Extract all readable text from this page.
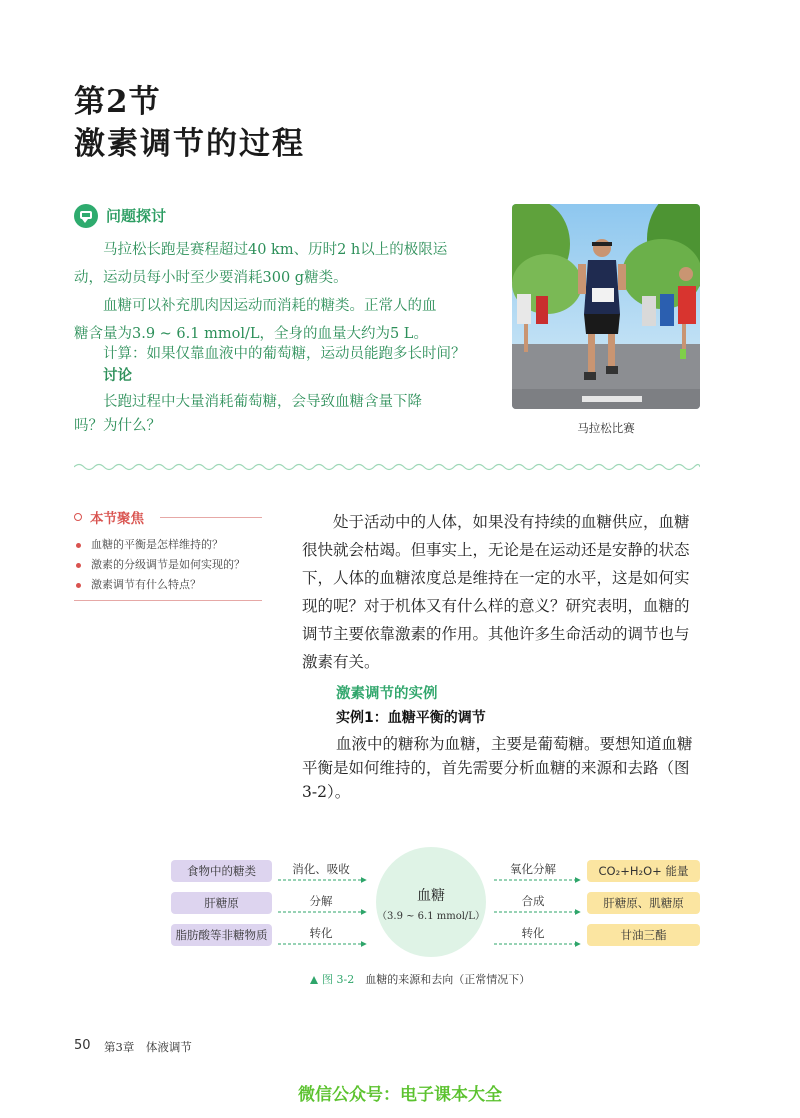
第2节
激素调节的过程
问题探讨
马拉松长跑是赛程超过40 km、历时2 h以上的极限运
动，运动员每小时至少要消耗300 g糖类。
血糖可以补充肌肉因运动而消耗的糖类。正常人的血
糖含量为3.9 ~ 6.1 mmol/L，全身的血量大约为5 L。
计算：如果仅靠血液中的葡萄糖，运动员能跑多长时间？
讨论
长跑过程中大量消耗葡萄糖，会导致血糖含量下降
吗？为什么？	马拉松比赛
本节聚焦
血糖的平衡是怎样维持的？
激素的分级调节是如何实现的？
激素调节有什么特点？
处于活动中的人体，如果没有持续的血糖供应，血糖
很快就会枯竭。但事实上，无论是在运动还是安静的状态
下，人体的血糖浓度总是维持在一定的水平，这是如何实
现的呢？对于机体又有什么样的意义？研究表明，血糖的
调节主要依靠激素的作用。其他许多生命活动的调节也与
激素有关。
激素调节的实例
实例1：血糖平衡的调节
血液中的糖称为血糖，主要是葡萄糖。要想知道血糖
平衡是如何维持的，首先需要分析血糖的来源和去路（图
3-2）。
血糖
（3.9 ~ 6.1 mmol/L）
食物中的糖类
肝糖原
脂肪酸等非糖物质
CO₂+H₂O+ 能量
肝糖原、肌糖原
甘油三酯
消化、吸收
分解
转化
氧化分解
合成
转化
图 3-2　 血糖的来源和去向（正常情况下）
50 第3章　体液调节
微信公众号：电子课本大全
